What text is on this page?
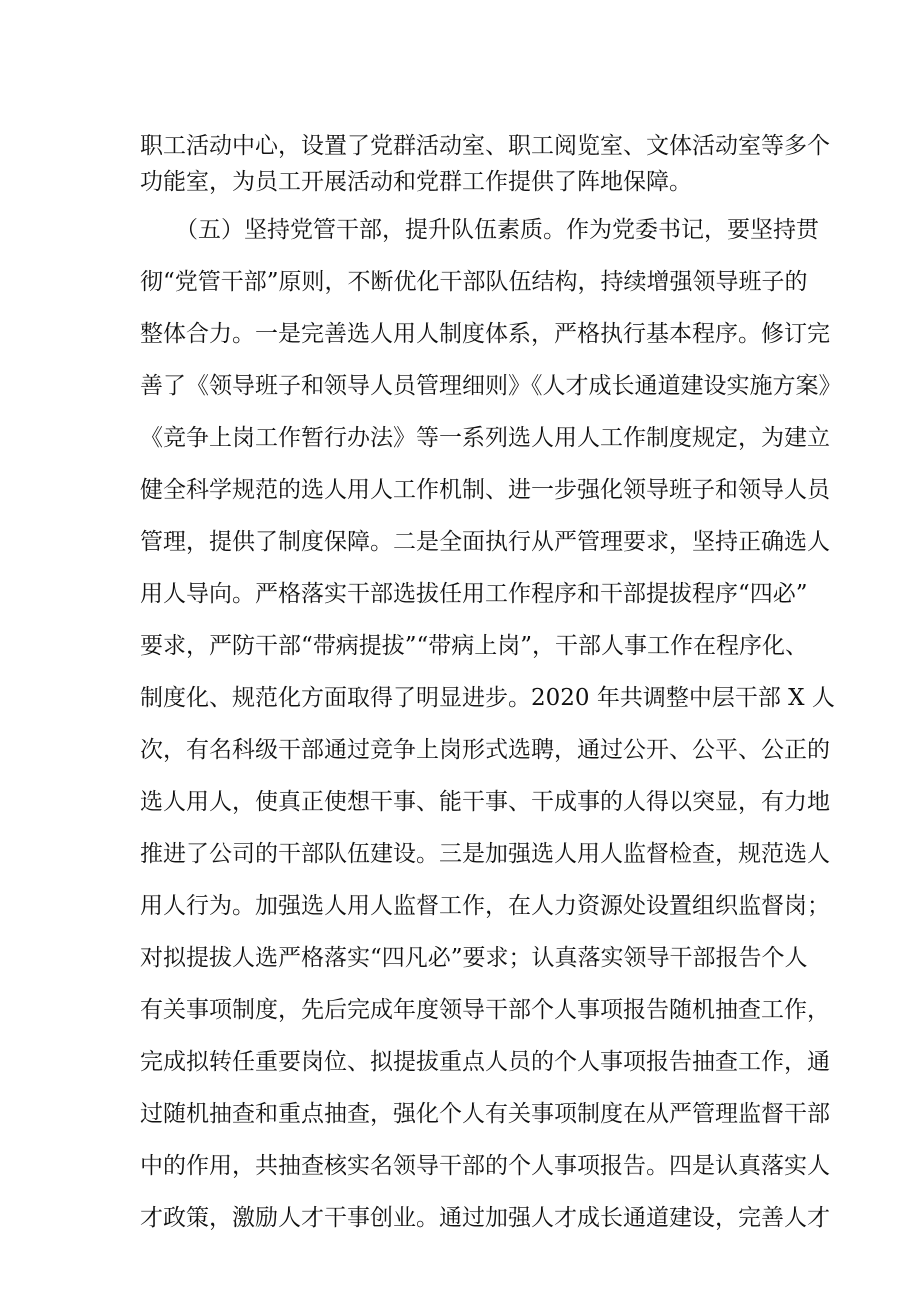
职工活动中心，设置了党群活动室、职工阅览室、文体活动室等多个
功能室，为员工开展活动和党群工作提供了阵地保障。
（五）坚持党管干部，提升队伍素质。作为党委书记，要坚持贯
彻“党管干部”原则，不断优化干部队伍结构，持续增强领导班子的
整体合力。一是完善选人用人制度体系，严格执行基本程序。修订完
善了《领导班子和领导人员管理细则》《人才成长通道建设实施方案》
《竞争上岗工作暂行办法》等一系列选人用人工作制度规定，为建立
健全科学规范的选人用人工作机制、进一步强化领导班子和领导人员
管理，提供了制度保障。二是全面执行从严管理要求，坚持正确选人
用人导向。严格落实干部选拔任用工作程序和干部提拔程序“四必”
要求，严防干部“带病提拔”“带病上岗”，干部人事工作在程序化、
制度化、规范化方面取得了明显进步。2020 年共调整中层干部 X 人
次，有名科级干部通过竞争上岗形式选聘，通过公开、公平、公正的
选人用人，使真正使想干事、能干事、干成事的人得以突显，有力地
推进了公司的干部队伍建设。三是加强选人用人监督检查，规范选人
用人行为。加强选人用人监督工作，在人力资源处设置组织监督岗；
对拟提拔人选严格落实“四凡必”要求；认真落实领导干部报告个人
有关事项制度，先后完成年度领导干部个人事项报告随机抽查工作，
完成拟转任重要岗位、拟提拔重点人员的个人事项报告抽查工作，通
过随机抽查和重点抽查，强化个人有关事项制度在从严管理监督干部
中的作用，共抽查核实名领导干部的个人事项报告。四是认真落实人
才政策，激励人才干事创业。通过加强人才成长通道建设，完善人才
